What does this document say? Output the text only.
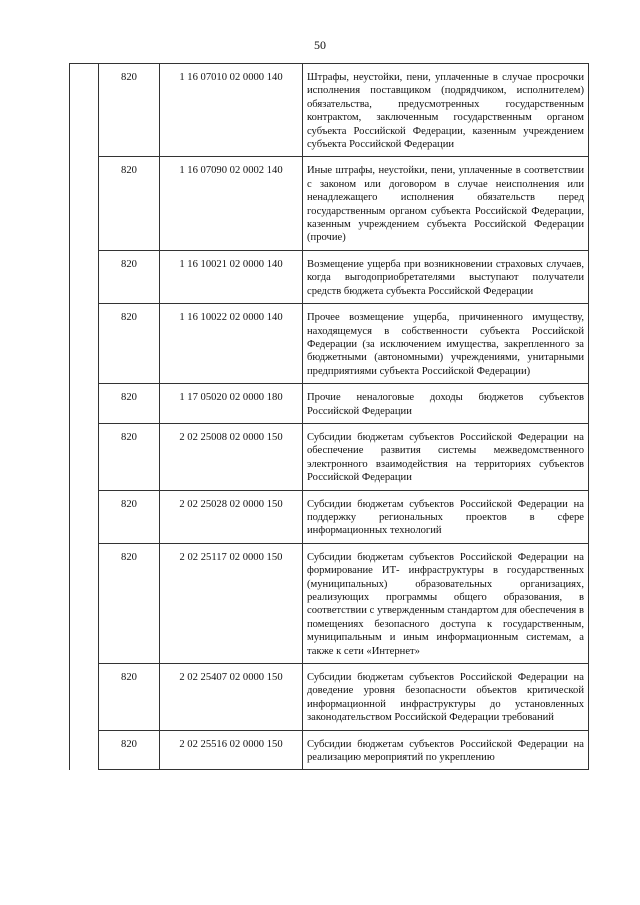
50
	820	1 16 07010 02 0000 140	Штрафы, неустойки, пени, уплаченные в случае просрочки исполнения поставщиком (подрядчиком, исполнителем) обязательства, предусмотренных государственным контрактом, заключенным государственным органом субъекта Российской Федерации, казенным учреждением субъекта Российской Федерации
	820	1 16 07090 02 0002 140	Иные штрафы, неустойки, пени, уплаченные в соответствии с законом или договором в случае неисполнения или ненадлежащего исполнения обязательств перед государственным органом субъекта Российской Федерации, казенным учреждением субъекта Российской Федерации (прочие)
	820	1 16 10021 02 0000 140	Возмещение ущерба при возникновении страховых случаев, когда выгодоприобретателями выступают получатели средств бюджета субъекта Российской Федерации
	820	1 16 10022 02 0000 140	Прочее возмещение ущерба, причиненного имуществу, находящемуся в собственности субъекта Российской Федерации (за исключением имущества, закрепленного за бюджетными (автономными) учреждениями, унитарными предприятиями субъекта Российской Федерации)
	820	1 17 05020 02 0000 180	Прочие неналоговые доходы бюджетов субъектов Российской Федерации
	820	2 02 25008 02 0000 150	Субсидии бюджетам субъектов Российской Федерации на обеспечение развития системы межведомственного электронного взаимодействия на территориях субъектов Российской Федерации
	820	2 02 25028 02 0000 150	Субсидии бюджетам субъектов Российской Федерации на поддержку региональных проектов в сфере информационных технологий
	820	2 02 25117 02 0000 150	Субсидии бюджетам субъектов Российской Федерации на формирование ИТ- инфраструктуры в государственных (муниципальных) образовательных организациях, реализующих программы общего образования, в соответствии с утвержденным стандартом для обеспечения в помещениях безопасного доступа к государственным, муниципальным и иным информационным системам, а также к сети «Интернет»
	820	2 02 25407 02 0000 150	Субсидии бюджетам субъектов Российской Федерации на доведение уровня безопасности объектов критической информационной инфраструктуры до установленных законодательством Российской Федерации требований
	820	2 02 25516 02 0000 150	Субсидии бюджетам субъектов Российской Федерации на реализацию мероприятий по укреплению
